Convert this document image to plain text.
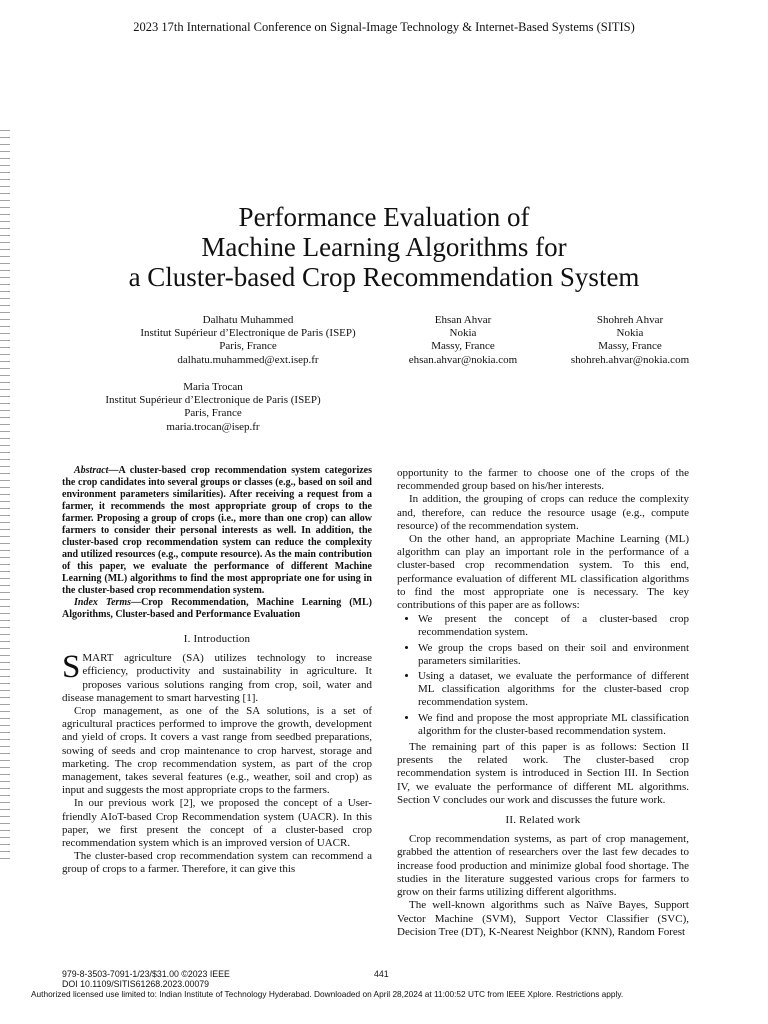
2023 17th International Conference on Signal-Image Technology & Internet-Based Systems (SITIS)
Performance Evaluation of
Machine Learning Algorithms for
a Cluster-based Crop Recommendation System
Dalhatu Muhammed
Institut Supérieur d’Electronique de Paris (ISEP)
Paris, France
dalhatu.muhammed@ext.isep.fr
Ehsan Ahvar
Nokia
Massy, France
ehsan.ahvar@nokia.com
Shohreh Ahvar
Nokia
Massy, France
shohreh.ahvar@nokia.com
Maria Trocan
Institut Supérieur d’Electronique de Paris (ISEP)
Paris, France
maria.trocan@isep.fr

Abstract—A cluster-based crop recommendation system categorizes the crop candidates into several groups or classes (e.g., based on soil and environment parameters similarities). After receiving a request from a farmer, it recommends the most appropriate group of crops to the farmer. Proposing a group of crops (i.e., more than one crop) can allow farmers to consider their personal interests as well. In addition, the cluster-based crop recommendation system can reduce the complexity and utilized resources (e.g., compute resource). As the main contribution of this paper, we evaluate the performance of different Machine Learning (ML) algorithms to find the most appropriate one for using in the cluster-based crop recommendation system.

Index Terms—Crop Recommendation, Machine Learning (ML) Algorithms, Cluster-based and Performance Evaluation

I. Introduction

SMART agriculture (SA) utilizes technology to increase efficiency, productivity and sustainability in agriculture. It proposes various solutions ranging from crop, soil, water and disease management to smart harvesting [1].

Crop management, as one of the SA solutions, is a set of agricultural practices performed to improve the growth, development and yield of crops. It covers a vast range from seedbed preparations, sowing of seeds and crop maintenance to crop harvest, storage and marketing. The crop recommendation system, as part of the crop management, takes several features (e.g., weather, soil and crop) as input and suggests the most appropriate crops to the farmers.

In our previous work [2], we proposed the concept of a User-friendly AIoT-based Crop Recommendation system (UACR). In this paper, we first present the concept of a cluster-based crop recommendation system which is an improved version of UACR.

The cluster-based crop recommendation system can recommend a group of crops to a farmer. Therefore, it can give this

opportunity to the farmer to choose one of the crops of the recommended group based on his/her interests.

In addition, the grouping of crops can reduce the complexity and, therefore, can reduce the resource usage (e.g., compute resource) of the recommendation system.

On the other hand, an appropriate Machine Learning (ML) algorithm can play an important role in the performance of a cluster-based crop recommendation system. To this end, performance evaluation of different ML classification algorithms to find the most appropriate one is necessary. The key contributions of this paper are as follows:

• We present the concept of a cluster-based crop recommendation system.
• We group the crops based on their soil and environment parameters similarities.
• Using a dataset, we evaluate the performance of different ML classification algorithms for the cluster-based crop recommendation system.
• We find and propose the most appropriate ML classification algorithm for the cluster-based recommendation system.

The remaining part of this paper is as follows: Section II presents the related work. The cluster-based crop recommendation system is introduced in Section III. In Section IV, we evaluate the performance of different ML algorithms. Section V concludes our work and discusses the future work.

II. Related work

Crop recommendation systems, as part of crop management, grabbed the attention of researchers over the last few decades to increase food production and minimize global food shortage. The studies in the literature suggested various crops for farmers to grow on their farms utilizing different algorithms.

The well-known algorithms such as Naïve Bayes, Support Vector Machine (SVM), Support Vector Classifier (SVC), Decision Tree (DT), K-Nearest Neighbor (KNN), Random Forest

979-8-3503-7091-1/23/$31.00 ©2023 IEEE	441
DOI 10.1109/SITIS61268.2023.00079
Authorized licensed use limited to: Indian Institute of Technology Hyderabad. Downloaded on April 28,2024 at 11:00:52 UTC from IEEE Xplore. Restrictions apply.
